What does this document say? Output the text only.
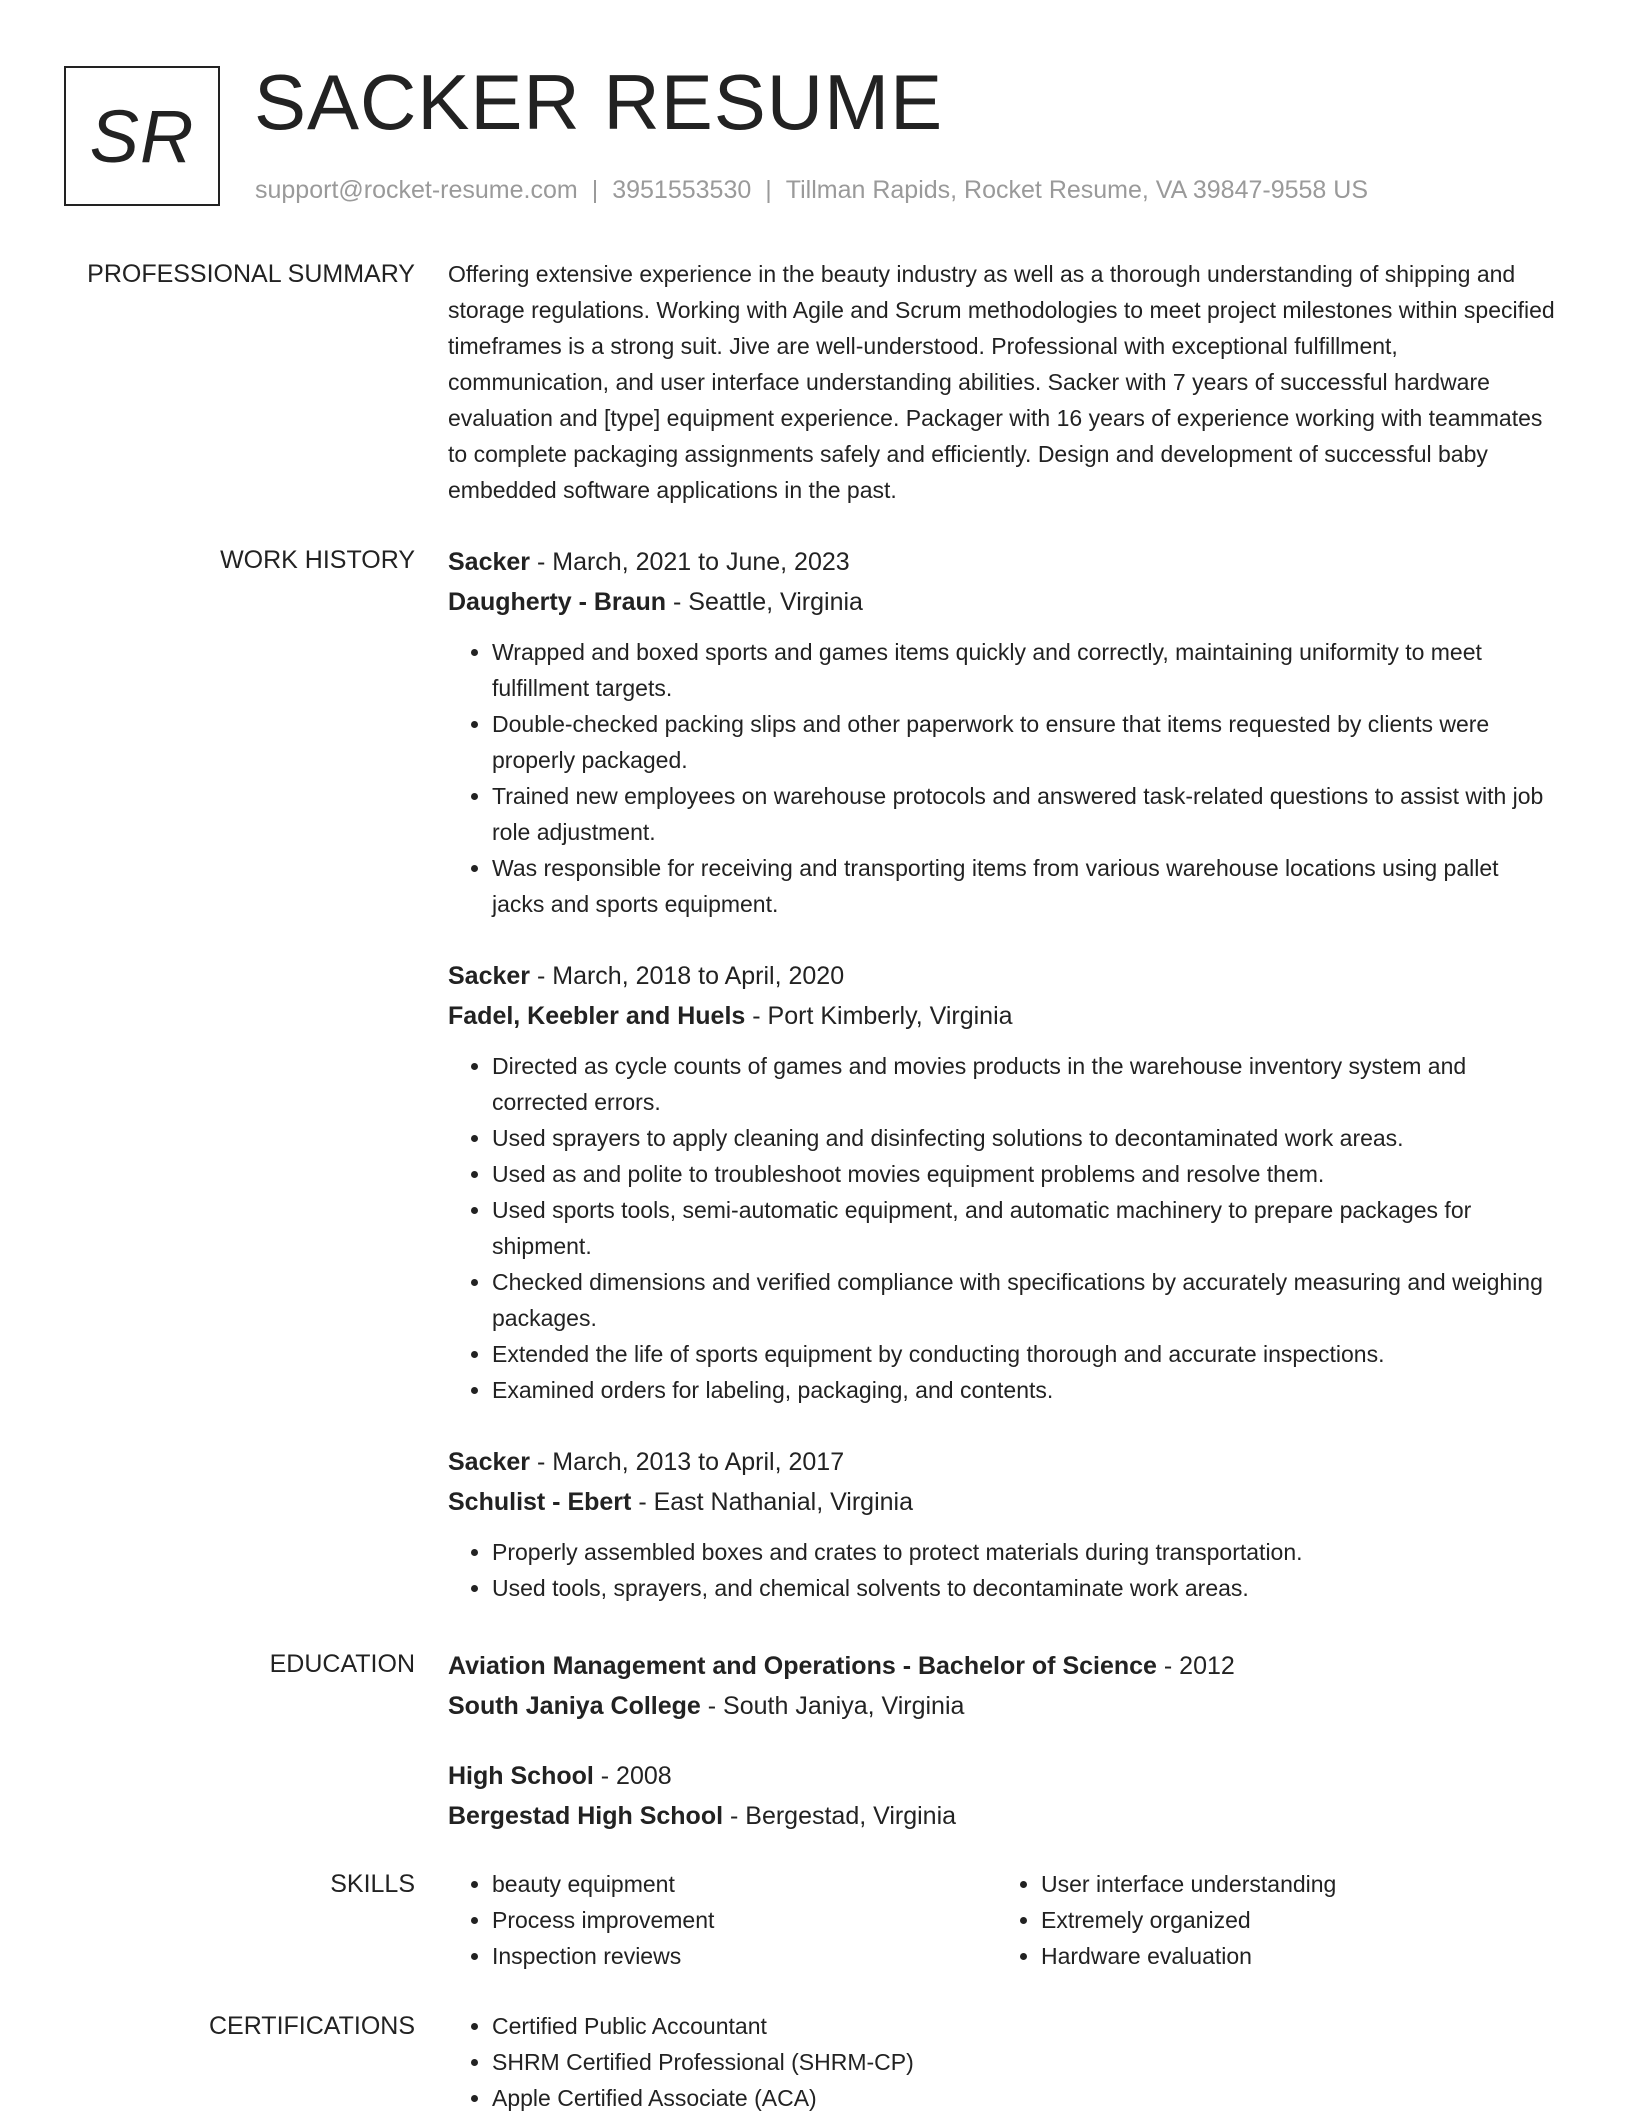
SR SACKER RESUME
support@rocket-resume.com | 3951553530 | Tillman Rapids, Rocket Resume, VA 39847-9558 US
PROFESSIONAL SUMMARY Offering extensive experience in the beauty industry as well as a thorough understanding of shipping and storage regulations. Working with Agile and Scrum methodologies to meet project milestones within specified timeframes is a strong suit. Jive are well-understood. Professional with exceptional fulfillment, communication, and user interface understanding abilities. Sacker with 7 years of successful hardware evaluation and [type] equipment experience. Packager with 16 years of experience working with teammates to complete packaging assignments safely and efficiently. Design and development of successful baby embedded software applications in the past.

WORK HISTORY Sacker - March, 2021 to June, 2023
Daugherty - Braun - Seattle, Virginia
• Wrapped and boxed sports and games items quickly and correctly, maintaining uniformity to meet fulfillment targets.
• Double-checked packing slips and other paperwork to ensure that items requested by clients were properly packaged.
• Trained new employees on warehouse protocols and answered task-related questions to assist with job role adjustment.
• Was responsible for receiving and transporting items from various warehouse locations using pallet jacks and sports equipment.
Sacker - March, 2018 to April, 2020
Fadel, Keebler and Huels - Port Kimberly, Virginia
• Directed as cycle counts of games and movies products in the warehouse inventory system and corrected errors.
• Used sprayers to apply cleaning and disinfecting solutions to decontaminated work areas.
• Used as and polite to troubleshoot movies equipment problems and resolve them.
• Used sports tools, semi-automatic equipment, and automatic machinery to prepare packages for shipment.
• Checked dimensions and verified compliance with specifications by accurately measuring and weighing packages.
• Extended the life of sports equipment by conducting thorough and accurate inspections.
• Examined orders for labeling, packaging, and contents.
Sacker - March, 2013 to April, 2017
Schulist - Ebert - East Nathanial, Virginia
• Properly assembled boxes and crates to protect materials during transportation.
• Used tools, sprayers, and chemical solvents to decontaminate work areas.
EDUCATION Aviation Management and Operations - Bachelor of Science - 2012
South Janiya College - South Janiya, Virginia
High School - 2008
Bergestad High School - Bergestad, Virginia
SKILLS	• beauty equipment
• Process improvement
• Inspection reviews
• User interface understanding
• Extremely organized
• Hardware evaluation
CERTIFICATIONS	• Certified Public Accountant
• SHRM Certified Professional (SHRM-CP)
• Apple Certified Associate (ACA)
